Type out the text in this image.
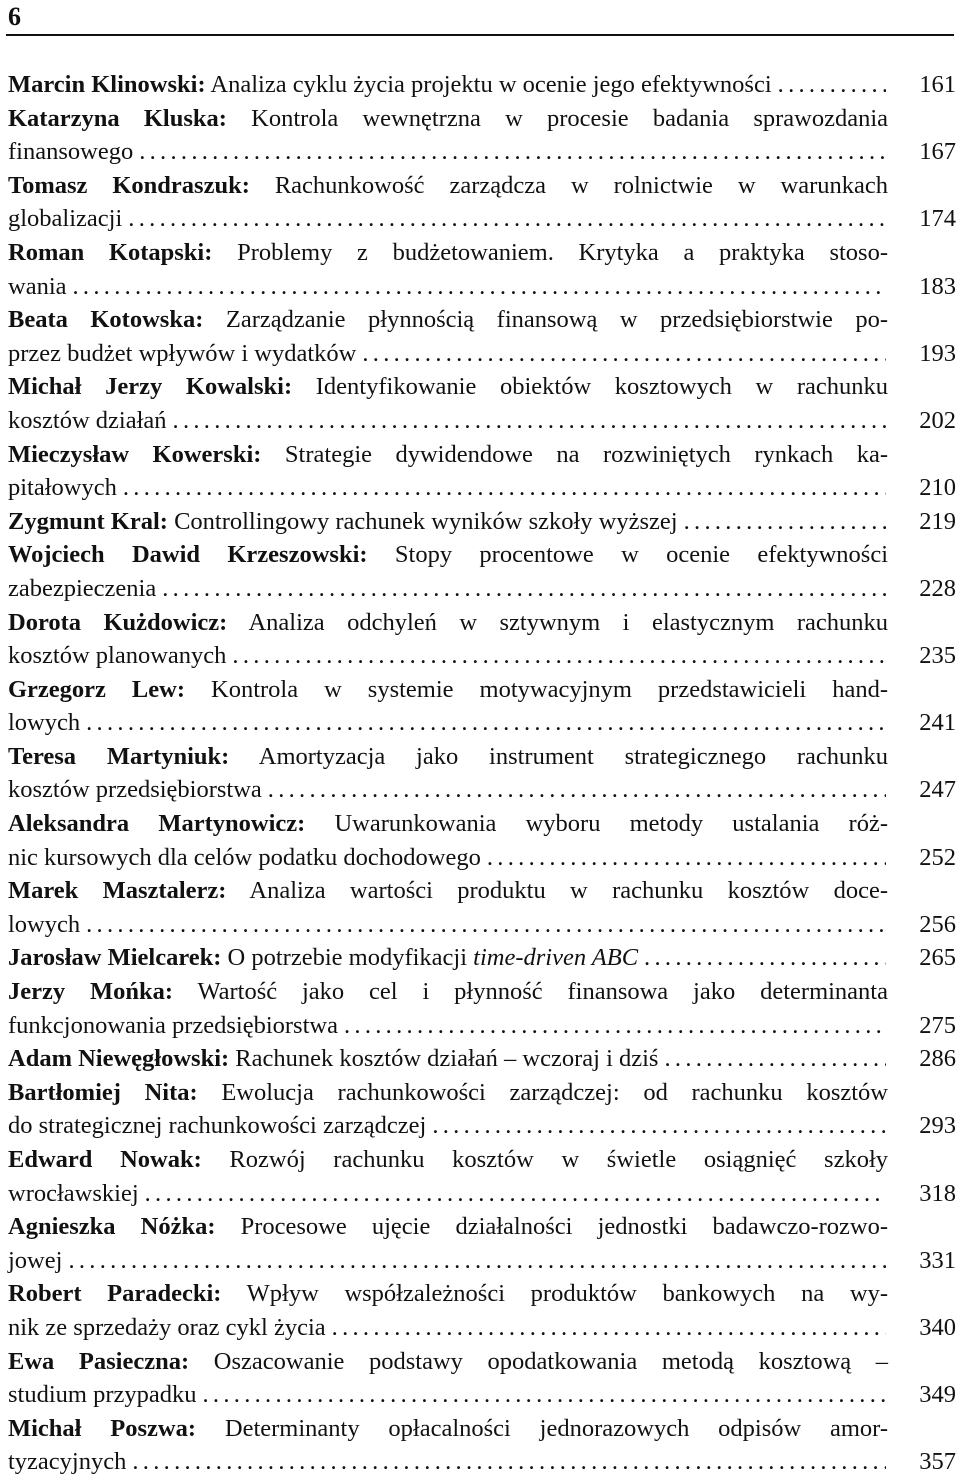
6
Marcin Klinowski: Analiza cyklu życia projektu w ocenie jego efektywności .....	161
Katarzyna Kluska: Kontrola wewnętrzna w procesie badania sprawozdania
finansowego .....	167
Tomasz Kondraszuk: Rachunkowość zarządcza w rolnictwie w warunkach
globalizacji .....	174
Roman Kotapski: Problemy z budżetowaniem. Krytyka a praktyka stoso-
wania .....	183
Beata Kotowska: Zarządzanie płynnością finansową w przedsiębiorstwie po-
przez budżet wpływów i wydatków .....	193
Michał Jerzy Kowalski: Identyfikowanie obiektów kosztowych w rachunku
kosztów działań .....	202
Mieczysław Kowerski: Strategie dywidendowe na rozwiniętych rynkach ka-
pitałowych .....	210
Zygmunt Kral: Controllingowy rachunek wyników szkoły wyższej .....	219
Wojciech Dawid Krzeszowski: Stopy procentowe w ocenie efektywności
zabezpieczenia .....	228
Dorota Kużdowicz: Analiza odchyleń w sztywnym i elastycznym rachunku
kosztów planowanych .....	235
Grzegorz Lew: Kontrola w systemie motywacyjnym przedstawicieli hand-
lowych .....	241
Teresa Martyniuk: Amortyzacja jako instrument strategicznego rachunku
kosztów przedsiębiorstwa .....	247
Aleksandra Martynowicz: Uwarunkowania wyboru metody ustalania róż-
nic kursowych dla celów podatku dochodowego .....	252
Marek Masztalerz: Analiza wartości produktu w rachunku kosztów doce-
lowych .....	256
Jarosław Mielcarek: O potrzebie modyfikacji time-driven ABC .....	265
Jerzy Mońka: Wartość jako cel i płynność finansowa jako determinanta
funkcjonowania przedsiębiorstwa .....	275
Adam Niewęgłowski: Rachunek kosztów działań – wczoraj i dziś .....	286
Bartłomiej Nita: Ewolucja rachunkowości zarządczej: od rachunku kosztów
do strategicznej rachunkowości zarządczej .....	293
Edward Nowak: Rozwój rachunku kosztów w świetle osiągnięć szkoły
wrocławskiej .....	318
Agnieszka Nóżka: Procesowe ujęcie działalności jednostki badawczo-rozwo-
jowej .....	331
Robert Paradecki: Wpływ współzależności produktów bankowych na wy-
nik ze sprzedaży oraz cykl życia .....	340
Ewa Pasieczna: Oszacowanie podstawy opodatkowania metodą kosztową –
studium przypadku .....	349
Michał Poszwa: Determinanty opłacalności jednorazowych odpisów amor-
tyzacyjnych .....	357
